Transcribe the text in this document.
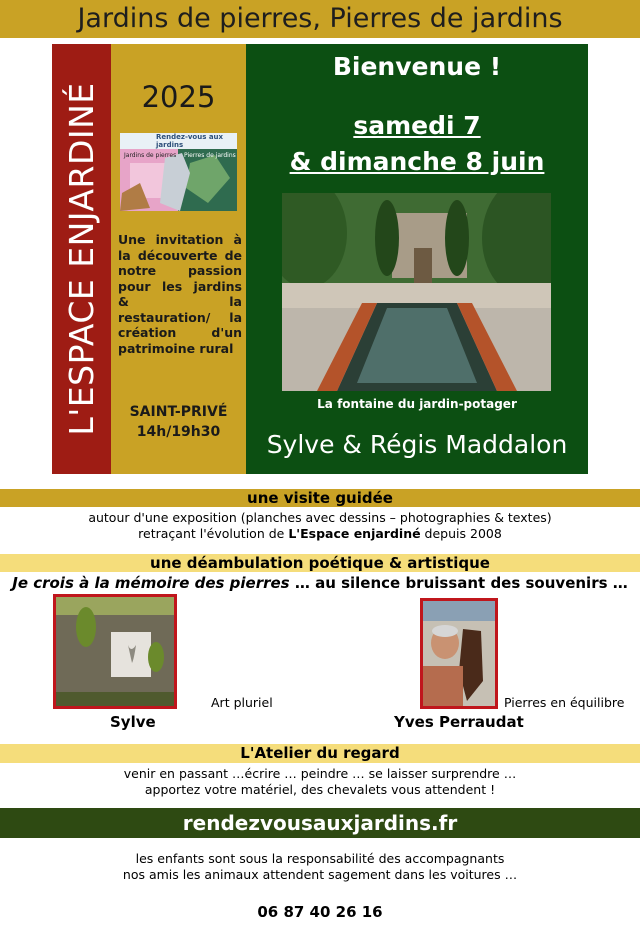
Jardins de pierres, Pierres de jardins
L'ESPACE ENJARDINÉ	2025
Rendez-vous aux jardins
Jardins de pierres Pierres de jardins
Une invitation à la découverte de notre passion pour les jardins & la restauration/ la création d'un patrimoine rural
SAINT-PRIVÉ
14h/19h30
Bienvenue !
samedi 7
& dimanche 8 juin
La fontaine du jardin-potager
Sylve & Régis Maddalon
une visite guidée
autour d'une exposition (planches avec dessins – photographies & textes)
retraçant l'évolution de L'Espace enjardiné depuis 2008
une déambulation poétique & artistique
Je crois à la mémoire des pierres … au silence bruissant des souvenirs …
Art pluriel
Sylve
Pierres en équilibre
Yves Perraudat
L'Atelier du regard
venir en passant …écrire … peindre … se laisser surprendre …
apportez votre matériel, des chevalets vous attendent !
rendezvousauxjardins.fr
les enfants sont sous la responsabilité des accompagnants
nos amis les animaux attendent sagement dans les voitures …
06 87 40 26 16
